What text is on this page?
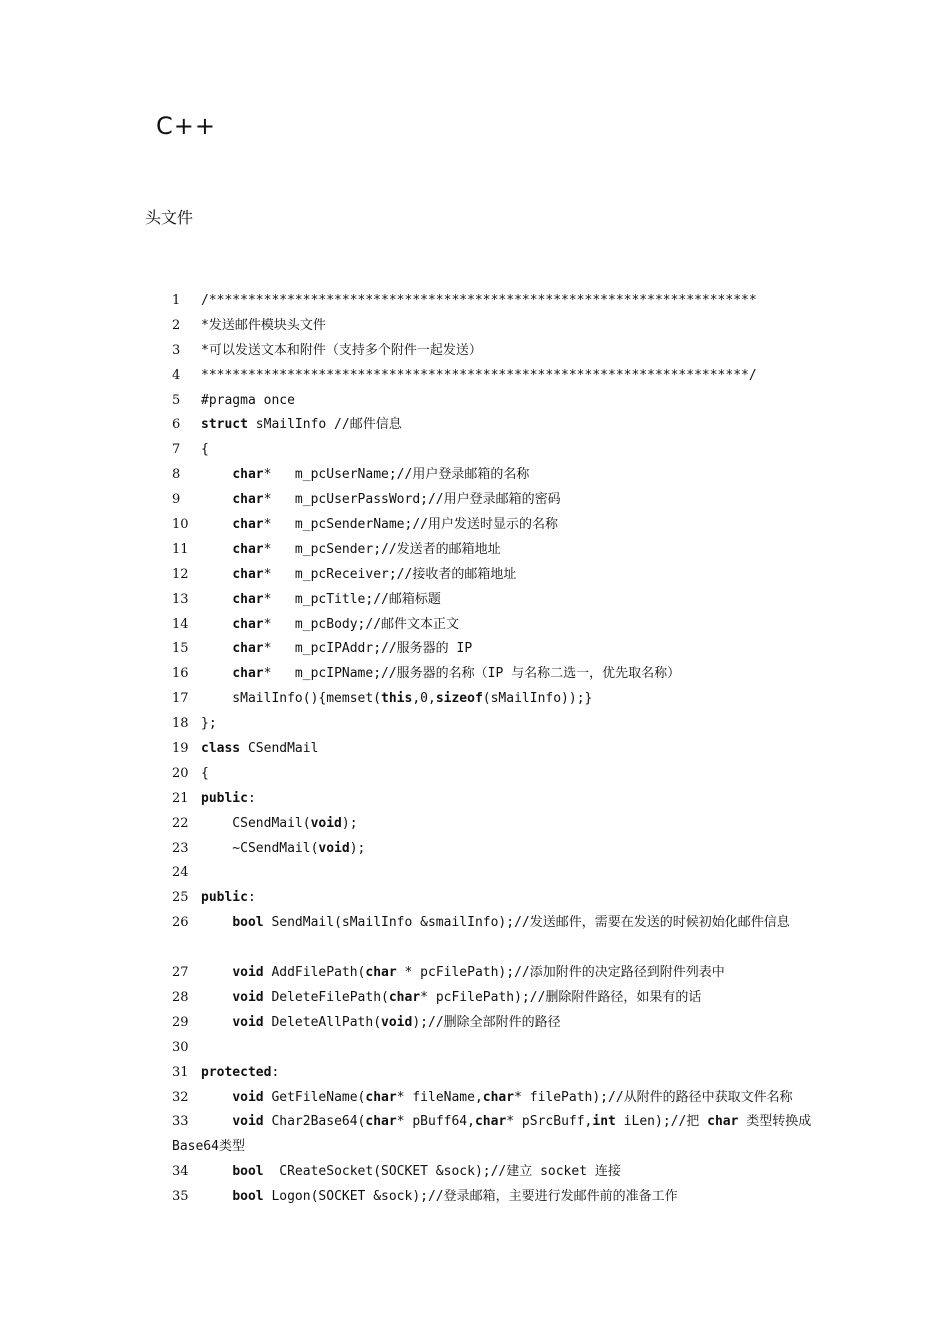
C++
头文件
1 /**********************************************************************
2 *发送邮件模块头文件
3 *可以发送文本和附件（支持多个附件一起发送）
4 **********************************************************************/
5 #pragma once
6 struct sMailInfo //邮件信息
7 {
8	char*   m_pcUserName;//用户登录邮箱的名称
9	char*   m_pcUserPassWord;//用户登录邮箱的密码
10	char*   m_pcSenderName;//用户发送时显示的名称
11	char*   m_pcSender;//发送者的邮箱地址
12	char*   m_pcReceiver;//接收者的邮箱地址
13	char*   m_pcTitle;//邮箱标题
14	char*   m_pcBody;//邮件文本正文
15	char*   m_pcIPAddr;//服务器的 IP
16	char*   m_pcIPName;//服务器的名称（IP 与名称二选一，优先取名称）
17    sMailInfo(){memset(this,0,sizeof(sMailInfo));}
18 };
19 class CSendMail
20 {
21 public:
22    CSendMail(void);
23    ~CSendMail(void);
24
25 public:
26	bool SendMail(sMailInfo &smailInfo);//发送邮件，需要在发送的时候初始化邮件信息
27	void AddFilePath(char * pcFilePath);//添加附件的决定路径到附件列表中
28	void DeleteFilePath(char* pcFilePath);//删除附件路径，如果有的话
29	void DeleteAllPath(void);//删除全部附件的路径
30
31 protected:
32	void GetFileName(char* fileName,char* filePath);//从附件的路径中获取文件名称
33	void Char2Base64(char* pBuff64,char* pSrcBuff,int iLen);//把 char 类型转换成Base64类型
34	bool  CReateSocket(SOCKET &sock);//建立 socket 连接
35	bool Logon(SOCKET &sock);//登录邮箱，主要进行发邮件前的准备工作
